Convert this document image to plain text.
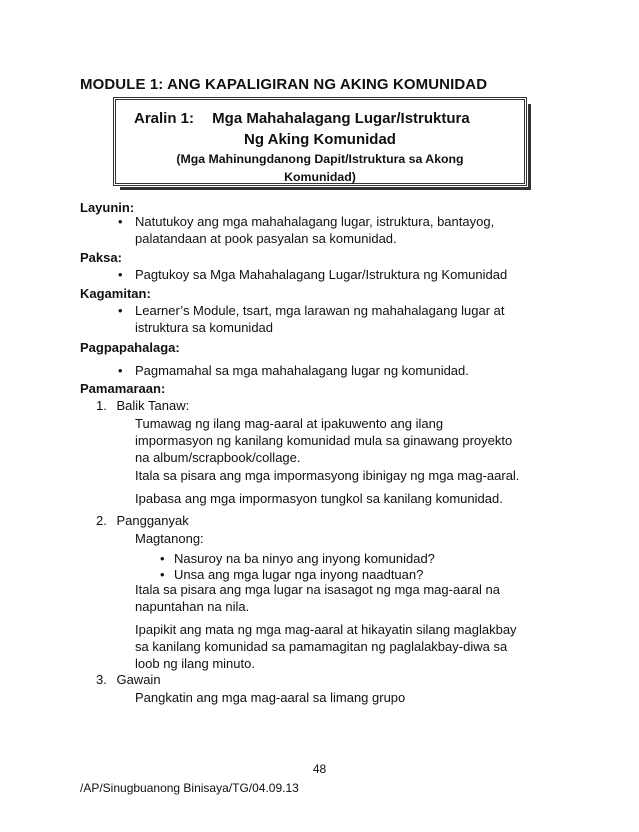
MODULE 1: ANG KAPALIGIRAN NG AKING KOMUNIDAD
Aralin 1: Mga Mahahalagang Lugar/Istruktura
Ng Aking Komunidad
(Mga Mahinungdanong Dapit/Istruktura sa Akong
Komunidad)
Layunin:
• Natutukoy ang mga mahahalagang lugar, istruktura, bantayog,
palatandaan at pook pasyalan sa komunidad.
Paksa:
• Pagtukoy sa Mga Mahahalagang Lugar/Istruktura ng Komunidad
Kagamitan:
• Learner’s Module, tsart, mga larawan ng mahahalagang lugar at
istruktura sa komunidad
Pagpapahalaga:
• Pagmamahal sa mga mahahalagang lugar ng komunidad.
Pamamaraan:
1. Balik Tanaw:
Tumawag ng ilang mag-aaral at ipakuwento ang ilang
impormasyon ng kanilang komunidad mula sa ginawang proyekto
na album/scrapbook/collage.
Itala sa pisara ang mga impormasyong ibinigay ng mga mag-aaral.
Ipabasa ang mga impormasyon tungkol sa kanilang komunidad.
2. Pangganyak
Magtanong:
• Nasuroy na ba ninyo ang inyong komunidad?
• Unsa ang mga lugar nga inyong naadtuan?
Itala sa pisara ang mga lugar na isasagot ng mga mag-aaral na
napuntahan na nila.
Ipapikit ang mata ng mga mag-aaral at hikayatin silang maglakbay
sa kanilang komunidad sa pamamagitan ng paglalakbay-diwa sa
loob ng ilang minuto.
3. Gawain
Pangkatin ang mga mag-aaral sa limang grupo
48
/AP/Sinugbuanong Binisaya/TG/04.09.13
